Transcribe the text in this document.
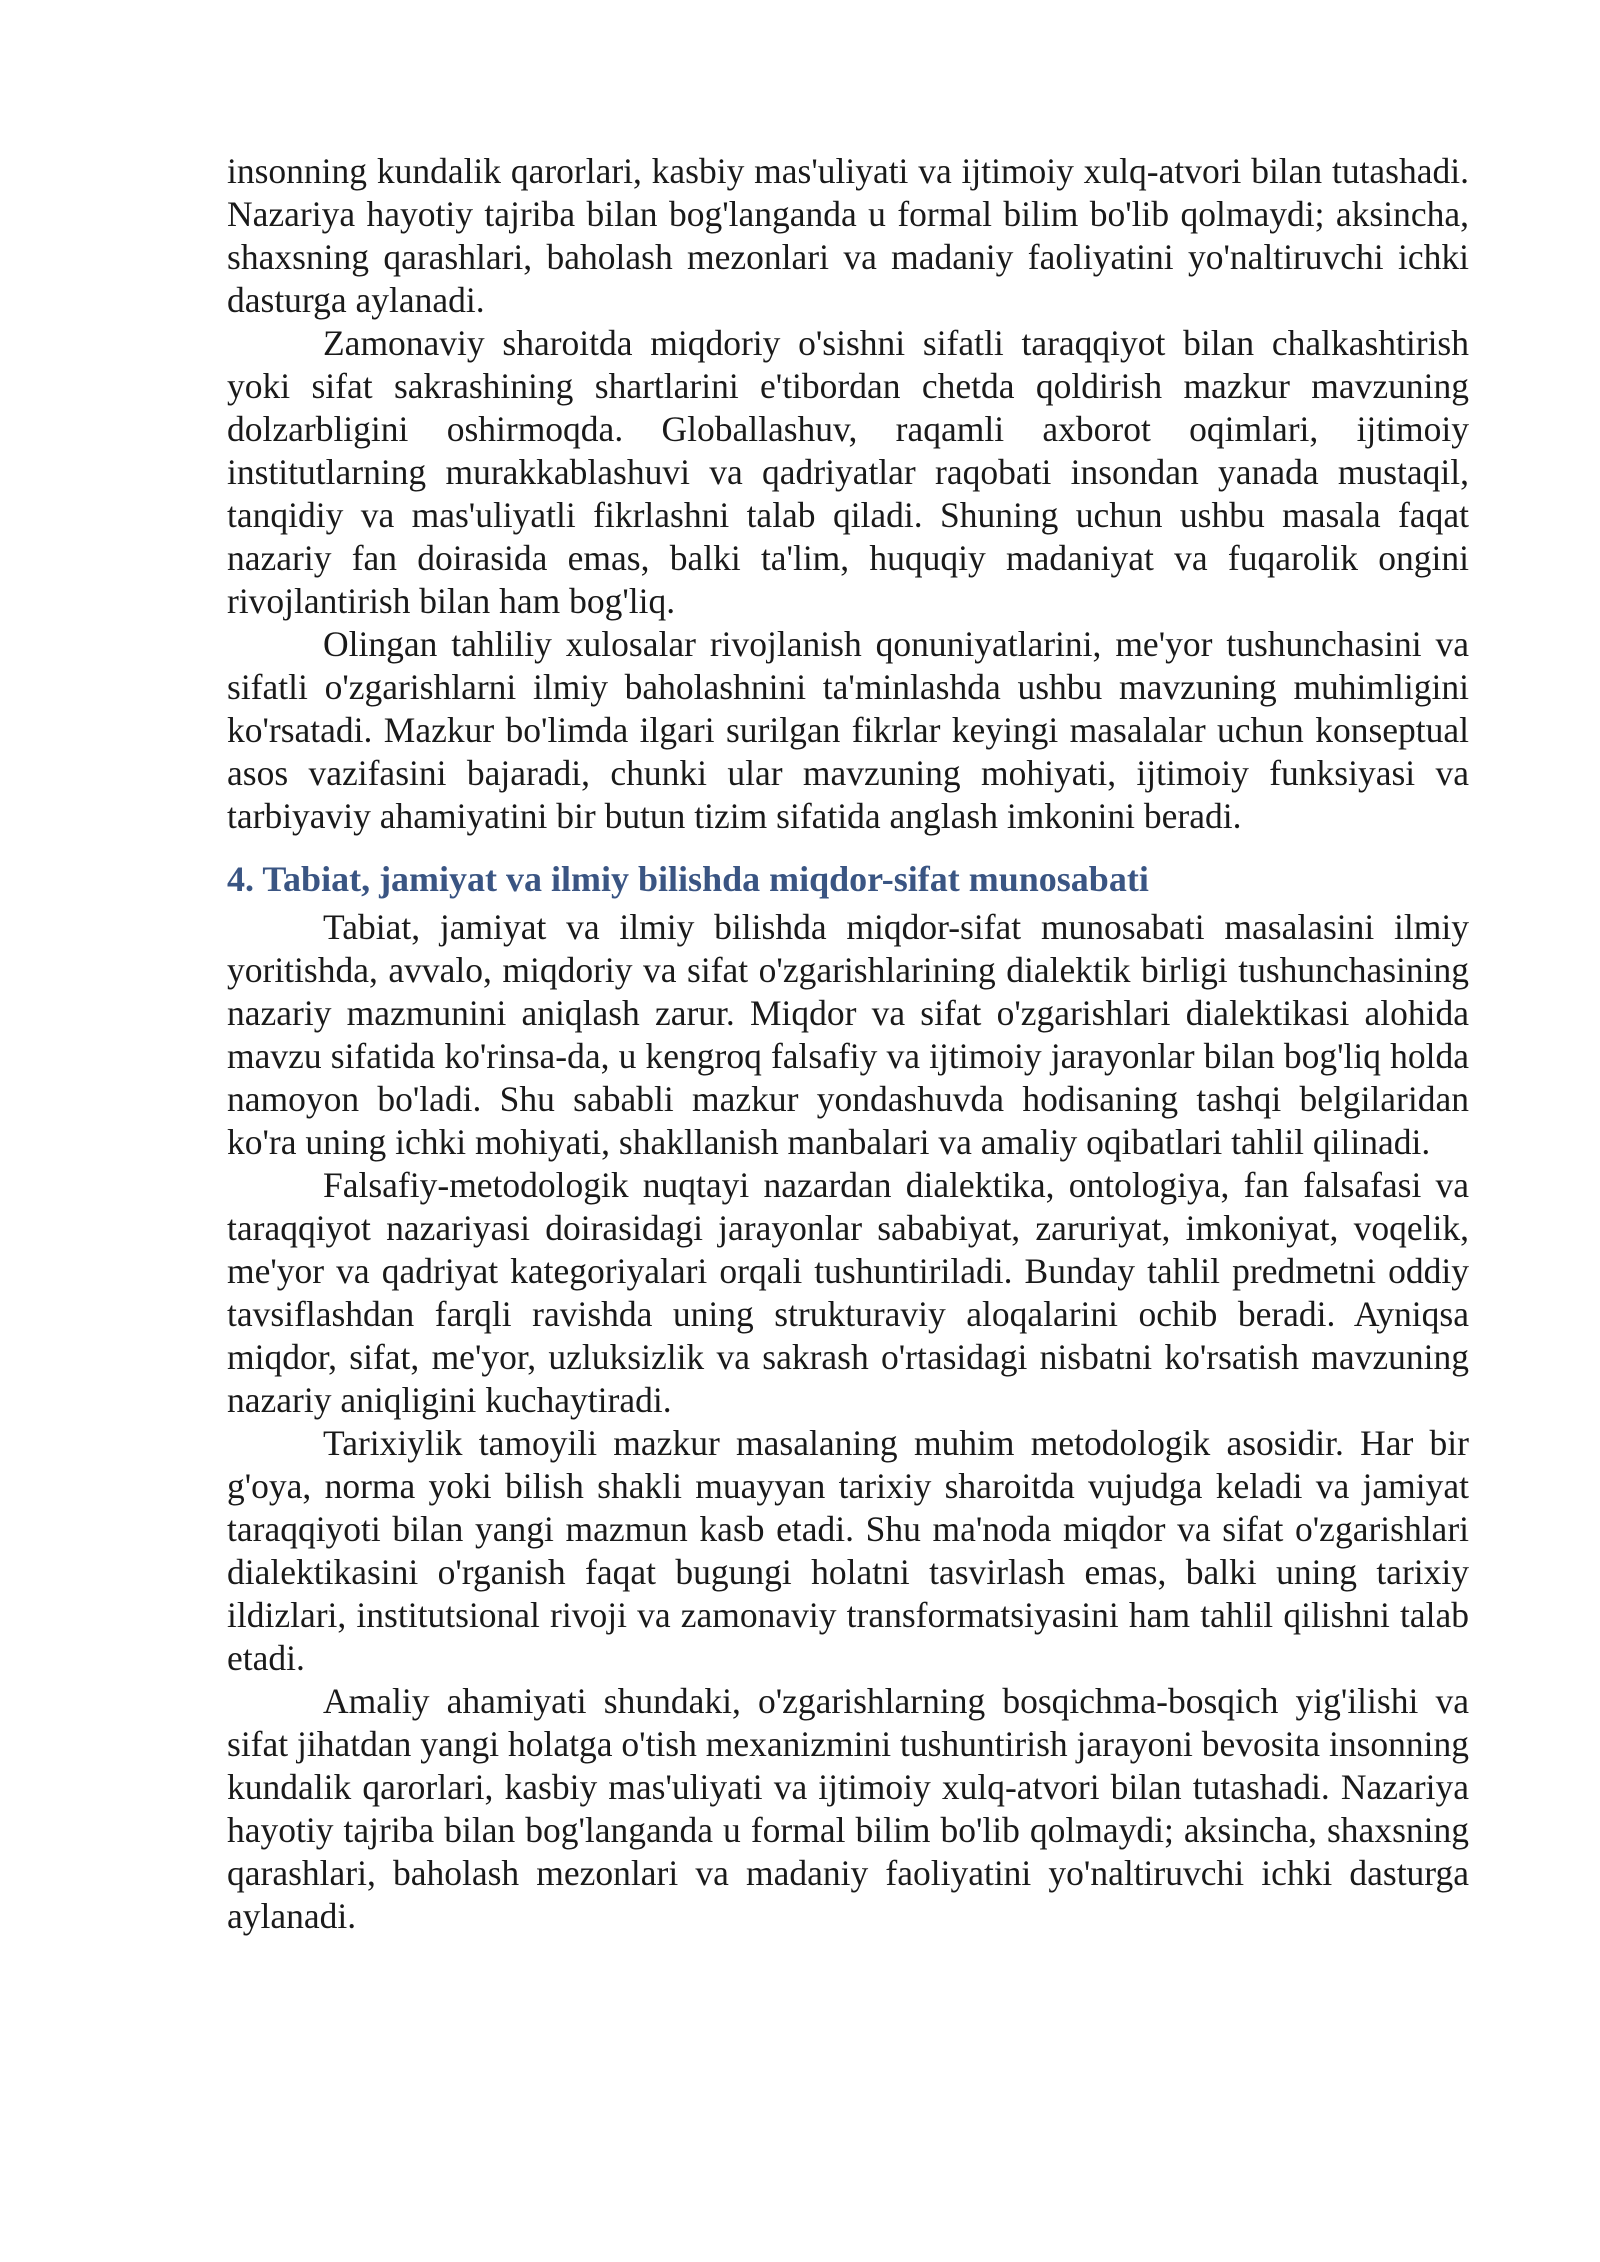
insonning kundalik qarorlari, kasbiy mas'uliyati va ijtimoiy xulq-atvori bilan tutashadi. Nazariya hayotiy tajriba bilan bog'langanda u formal bilim bo'lib qolmaydi; aksincha, shaxsning qarashlari, baholash mezonlari va madaniy faoliyatini yo'naltiruvchi ichki dasturga aylanadi.

Zamonaviy sharoitda miqdoriy o'sishni sifatli taraqqiyot bilan chalkashtirish yoki sifat sakrashining shartlarini e'tibordan chetda qoldirish mazkur mavzuning dolzarbligini oshirmoqda. Globallashuv, raqamli axborot oqimlari, ijtimoiy institutlarning murakkablashuvi va qadriyatlar raqobati insondan yanada mustaqil, tanqidiy va mas'uliyatli fikrlashni talab qiladi. Shuning uchun ushbu masala faqat nazariy fan doirasida emas, balki ta'lim, huquqiy madaniyat va fuqarolik ongini rivojlantirish bilan ham bog'liq.

Olingan tahliliy xulosalar rivojlanish qonuniyatlarini, me'yor tushunchasini va sifatli o'zgarishlarni ilmiy baholashnini ta'minlashda ushbu mavzuning muhimligini ko'rsatadi. Mazkur bo'limda ilgari surilgan fikrlar keyingi masalalar uchun konseptual asos vazifasini bajaradi, chunki ular mavzuning mohiyati, ijtimoiy funksiyasi va tarbiyaviy ahamiyatini bir butun tizim sifatida anglash imkonini beradi.

4. Tabiat, jamiyat va ilmiy bilishda miqdor-sifat munosabati

Tabiat, jamiyat va ilmiy bilishda miqdor-sifat munosabati masalasini ilmiy yoritishda, avvalo, miqdoriy va sifat o'zgarishlarining dialektik birligi tushunchasining nazariy mazmunini aniqlash zarur. Miqdor va sifat o'zgarishlari dialektikasi alohida mavzu sifatida ko'rinsa-da, u kengroq falsafiy va ijtimoiy jarayonlar bilan bog'liq holda namoyon bo'ladi. Shu sababli mazkur yondashuvda hodisaning tashqi belgilaridan ko'ra uning ichki mohiyati, shakllanish manbalari va amaliy oqibatlari tahlil qilinadi.

Falsafiy-metodologik nuqtayi nazardan dialektika, ontologiya, fan falsafasi va taraqqiyot nazariyasi doirasidagi jarayonlar sababiyat, zaruriyat, imkoniyat, voqelik, me'yor va qadriyat kategoriyalari orqali tushuntiriladi. Bunday tahlil predmetni oddiy tavsiflashdan farqli ravishda uning strukturaviy aloqalarini ochib beradi. Ayniqsa miqdor, sifat, me'yor, uzluksizlik va sakrash o'rtasidagi nisbatni ko'rsatish mavzuning nazariy aniqligini kuchaytiradi.

Tarixiylik tamoyili mazkur masalaning muhim metodologik asosidir. Har bir g'oya, norma yoki bilish shakli muayyan tarixiy sharoitda vujudga keladi va jamiyat taraqqiyoti bilan yangi mazmun kasb etadi. Shu ma'noda miqdor va sifat o'zgarishlari dialektikasini o'rganish faqat bugungi holatni tasvirlash emas, balki uning tarixiy ildizlari, institutsional rivoji va zamonaviy transformatsiyasini ham tahlil qilishni talab etadi.

Amaliy ahamiyati shundaki, o'zgarishlarning bosqichma-bosqich yig'ilishi va sifat jihatdan yangi holatga o'tish mexanizmini tushuntirish jarayoni bevosita insonning kundalik qarorlari, kasbiy mas'uliyati va ijtimoiy xulq-atvori bilan tutashadi. Nazariya hayotiy tajriba bilan bog'langanda u formal bilim bo'lib qolmaydi; aksincha, shaxsning qarashlari, baholash mezonlari va madaniy faoliyatini yo'naltiruvchi ichki dasturga aylanadi.
